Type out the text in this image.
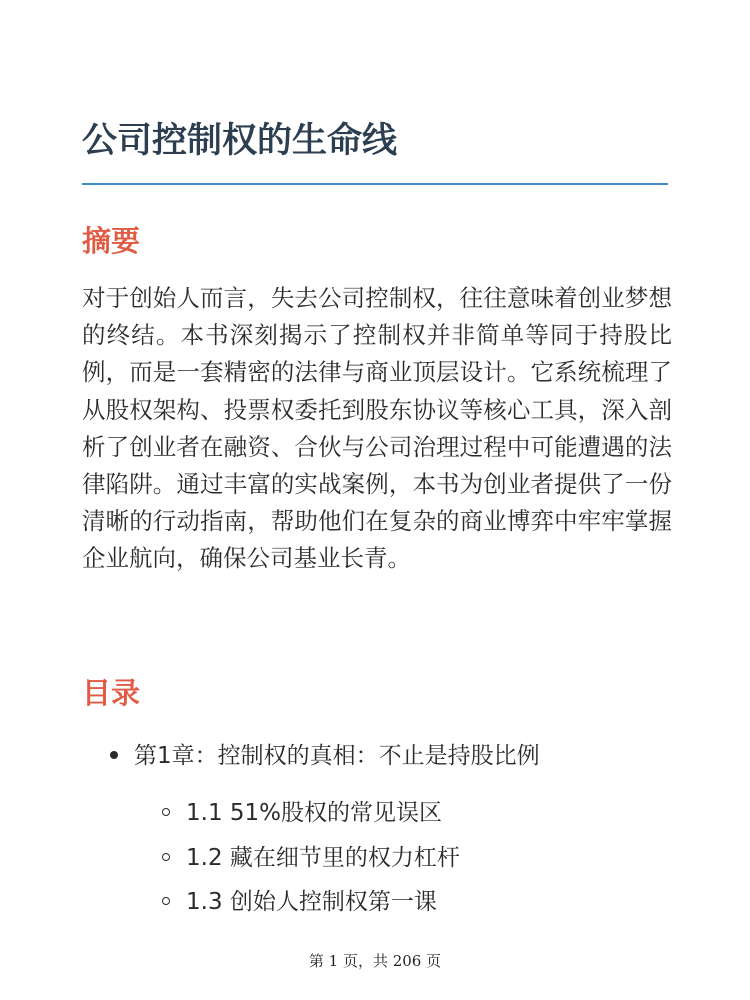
公司控制权的生命线
摘要

对于创始人而言，失去公司控制权，往往意味着创业梦想的终结。本书深刻揭示了控制权并非简单等同于持股比例，而是一套精密的法律与商业顶层设计。它系统梳理了从股权架构、投票权委托到股东协议等核心工具，深入剖析了创业者在融资、合伙与公司治理过程中可能遭遇的法律陷阱。通过丰富的实战案例，本书为创业者提供了一份清晰的行动指南，帮助他们在复杂的商业博弈中牢牢掌握企业航向，确保公司基业长青。

目录
第1章：控制权的真相：不止是持股比例
1.1 51%股权的常见误区
1.2 藏在细节里的权力杠杆
1.3 创始人控制权第一课
第 1 页，共 206 页
